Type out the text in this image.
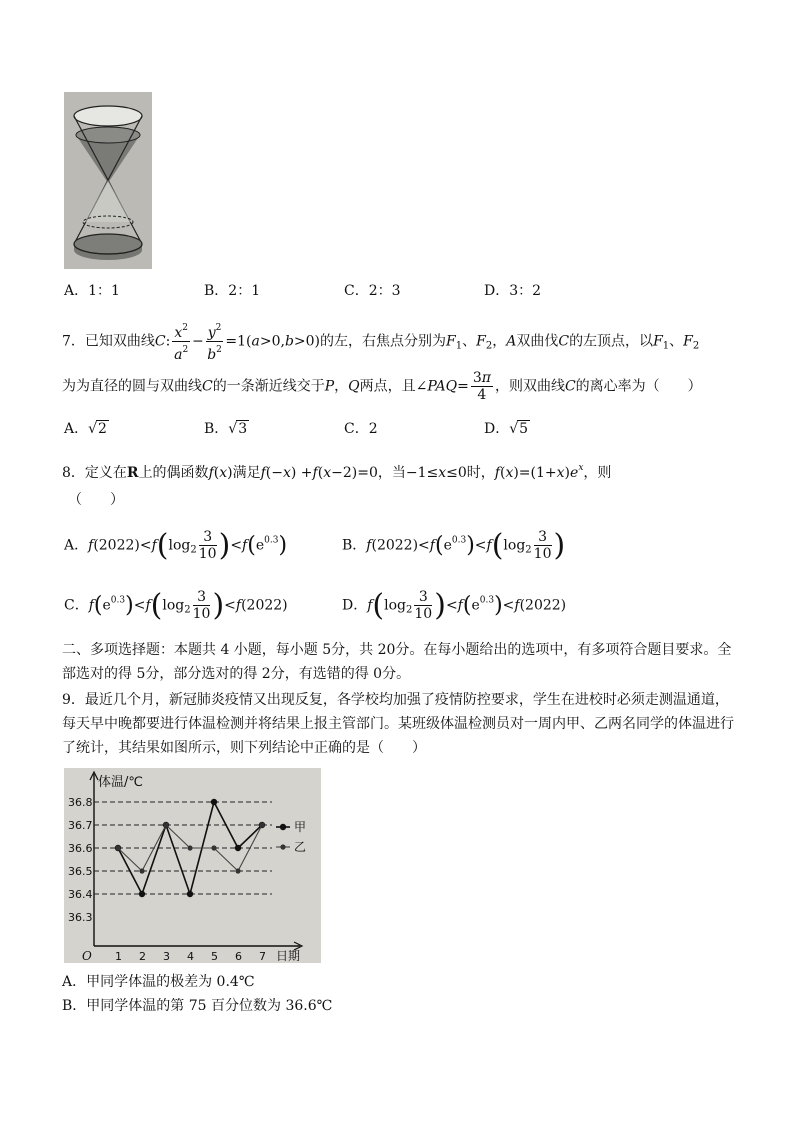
A．1：1	B．2：1	C．2：3	D．3：2
7．已知双曲线C: $\frac{x^2}{a^2} - \frac{y^2}{b^2} =1(a>0,b>0)$的左，右焦点分别为$F_1$、$F_2$，A双曲伐C的左顶点，以$F_1$、$F_2$
为为直径的圆与双曲线C的一条渐近线交于P，Q两点，且∠PAQ= $\frac{3\pi}{4}$ ，则双曲线C的离心率为（　　）
A．√2	B．√3	C．2	D．√5
8．定义在R上的偶函数f(x)满足f(−x) +f(x−2)=0，当−1≤x≤0时，$f(x)=(1+x)e^x$，则
（　　）
A．$f(2022)<f(\log_2 \frac{3}{10} )<f(e^{0.3})$	B．$f(2022)<f(e^{0.3})<f(\log_2 \frac{3}{10}$ )
C．$f(e^{0.3})<f(\log_2 \frac{3}{10} )<f(2022)$	D．$f(\log_2 \frac{3}{10} )<f(e^{0.3})<f(2022)$
二、多项选择题：本题共 4 小题，每小题 5分，共 20分。在每小题给出的选项中，有多项符合题目要求。全
部选对的得 5分，部分选对的得 2分，有选错的得 0分。
9．最近几个月，新冠肺炎疫情又出现反复，各学校均加强了疫情防控要求，学生在进校时必须走测温通道，
每天早中晚都要进行体温检测并将结果上报主管部门。某班级体温检测员对一周内甲、乙两名同学的体温进行
了统计，其结果如图所示，则下列结论中正确的是（　　）
体温/℃
36.8
36.7
36.6
36.5
36.4
36.3
1 2 3 4 5 6 7
O	日期
甲
乙
A．甲同学体温的极差为 0.4℃
B．甲同学体温的第 75 百分位数为 36.6℃
